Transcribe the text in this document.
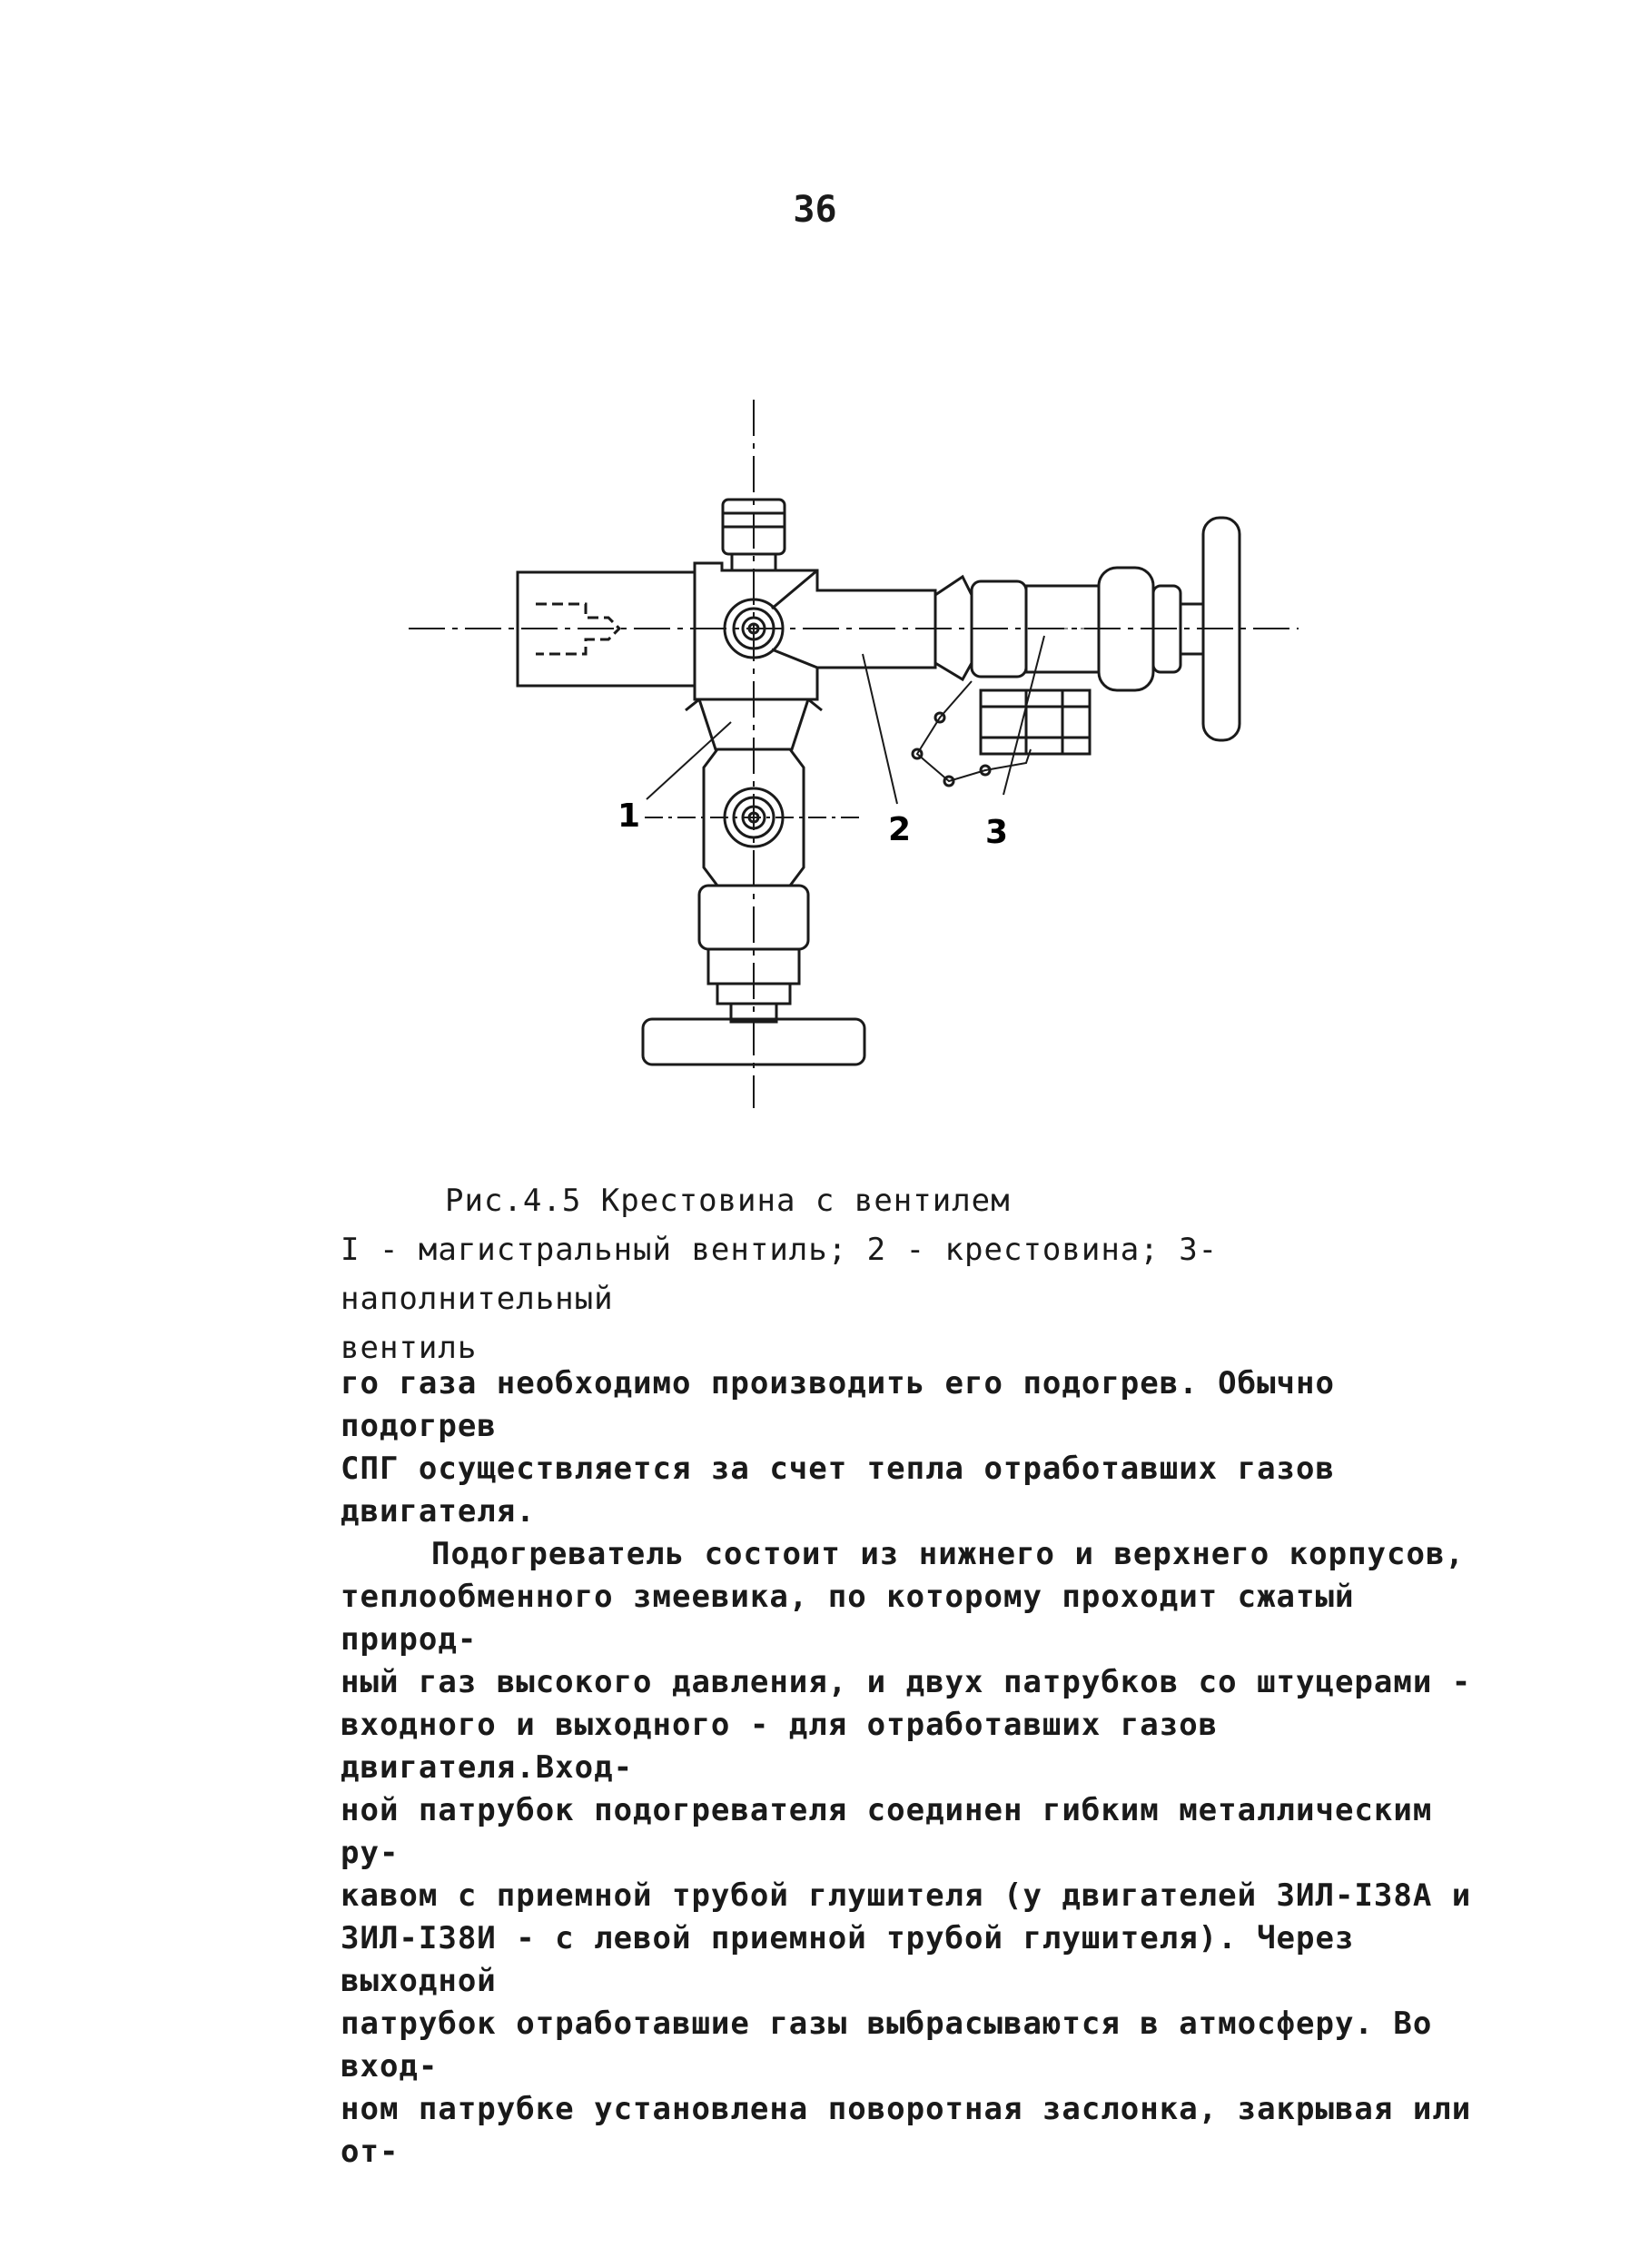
36
1	2 3
Рис.4.5 Крестовина с вентилем
I - магистральный вентиль; 2 - крестовина; 3- наполнительный
вентиль

го газа необходимо производить его подогрев. Обычно подогрев

СПГ осуществляется за счет тепла отработавших газов двигателя.

Подогреватель состоит из нижнего и верхнего корпусов,

теплообменного змеевика, по которому проходит сжатый природ-

ный газ высокого давления, и двух патрубков со штуцерами -

входного и выходного - для отработавших газов двигателя.Вход-

ной патрубок подогревателя соединен гибким металлическим ру-

кавом с приемной трубой глушителя (у двигателей ЗИЛ-I38А и

ЗИЛ-I38И - с левой приемной трубой глушителя). Через выходной

патрубок отработавшие газы выбрасываются в атмосферу. Во вход-

ном патрубке установлена поворотная заслонка, закрывая или от-
